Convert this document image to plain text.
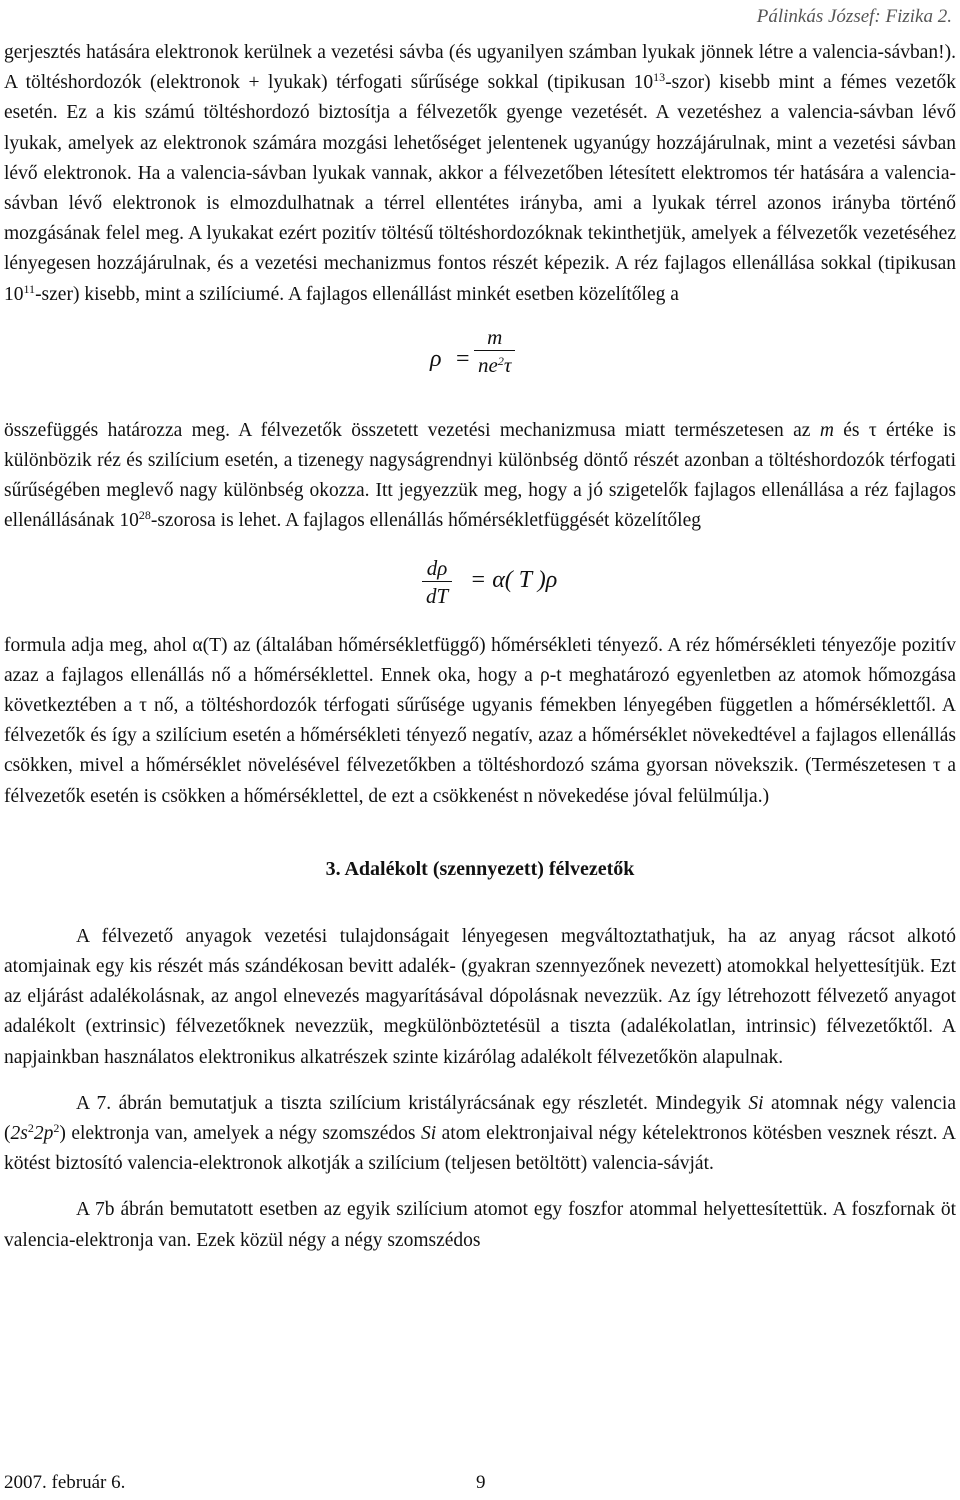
Pálinkás József: Fizika 2.

gerjesztés hatására elektronok kerülnek a vezetési sávba (és ugyanilyen számban lyukak jönnek létre a valencia-sávban!). A töltéshordozók (elektronok + lyukak) térfogati sűrűsége sokkal (tipikusan $10^{13}-szor$) kisebb mint a fémes vezetők esetén. Ez a kis számú töltéshordozó biztosítja a félvezetők gyenge vezetését. A vezetéshez a valencia-sávban lévő lyukak, amelyek az elektronok számára mozgási lehetőséget jelentenek ugyanúgy hozzájárulnak, mint a vezetési sávban lévő elektronok. Ha a valencia-sávban lyukak vannak, akkor a félvezetőben létesített elektromos tér hatására a valencia-sávban lévő elektronok is elmozdulhatnak a térrel ellentétes irányba, ami a lyukak térrel azonos irányba történő mozgásának felel meg. A lyukakat ezért pozitív töltésű töltéshordozóknak tekinthetjük, amelyek a félvezetők vezetéséhez lényegesen hozzájárulnak, és a vezetési mechanizmus fontos részét képezik. A réz fajlagos ellenállása sokkal (tipikusan $10^{11}-szer$) kisebb, mint a szilíciumé. A fajlagos ellenállást minkét esetben közelítőleg a

$\rho = \frac{m}{ne^2\tau}$

összefüggés határozza meg. A félvezetők összetett vezetési mechanizmusa miatt természetesen az m és τ értéke is különbözik réz és szilícium esetén, a tizenegy nagyságrendnyi különbség döntő részét azonban a töltéshordozók térfogati sűrűségében meglevő nagy különbség okozza. Itt jegyezzük meg, hogy a jó szigetelők fajlagos ellenállása a réz fajlagos ellenállásának $10^{28}$-szorosa is lehet. A fajlagos ellenállás hőmérsékletfüggését közelítőleg

$\frac{d\rho}{dT} = \alpha$( T )ρ

formula adja meg, ahol α(T) az (általában hőmérsékletfüggő) hőmérsékleti tényező. A réz hőmérsékleti tényezője pozitív azaz a fajlagos ellenállás nő a hőmérséklettel. Ennek oka, hogy a ρ-t meghatározó egyenletben az atomok hőmozgása következtében a τ nő, a töltéshordozók térfogati sűrűsége ugyanis fémekben lényegében független a hőmérséklettől. A félvezetők és így a szilícium esetén a hőmérsékleti tényező negatív, azaz a hőmérséklet növekedtével a fajlagos ellenállás csökken, mivel a hőmérséklet növelésével félvezetőkben a töltéshordozó száma gyorsan növekszik. (Természetesen τ a félvezetők esetén is csökken a hőmérséklettel, de ezt a csökkenést n növekedése jóval felülmúlja.)

3. Adalékolt (szennyezett) félvezetők

A félvezető anyagok vezetési tulajdonságait lényegesen megváltoztathatjuk, ha az anyag rácsot alkotó atomjainak egy kis részét más szándékosan bevitt adalék- (gyakran szennyezőnek nevezett) atomokkal helyettesítjük. Ezt az eljárást adalékolásnak, az angol elnevezés magyarításával dópolásnak nevezzük. Az így létrehozott félvezető anyagot adalékolt (extrinsic) félvezetőknek nevezzük, megkülönböztetésül a tiszta (adalékolatlan, intrinsic) félvezetőktől. A napjainkban használatos elektronikus alkatrészek szinte kizárólag adalékolt félvezetőkön alapulnak.

A 7. ábrán bemutatjuk a tiszta szilícium kristályrácsának egy részletét. Mindegyik Si atomnak négy valencia $(2s^22p^2)$ elektronja van, amelyek a négy szomszédos Si atom elektronjaival négy kételektronos kötésben vesznek részt. A kötést biztosító valencia-elektronok alkotják a szilícium (teljesen betöltött) valencia-sávját.

A 7b ábrán bemutatott esetben az egyik szilícium atomot egy foszfor atommal helyettesítettük. A foszfornak öt valencia-elektronja van. Ezek közül négy a négy szomszédos

2007. február 6.	9
